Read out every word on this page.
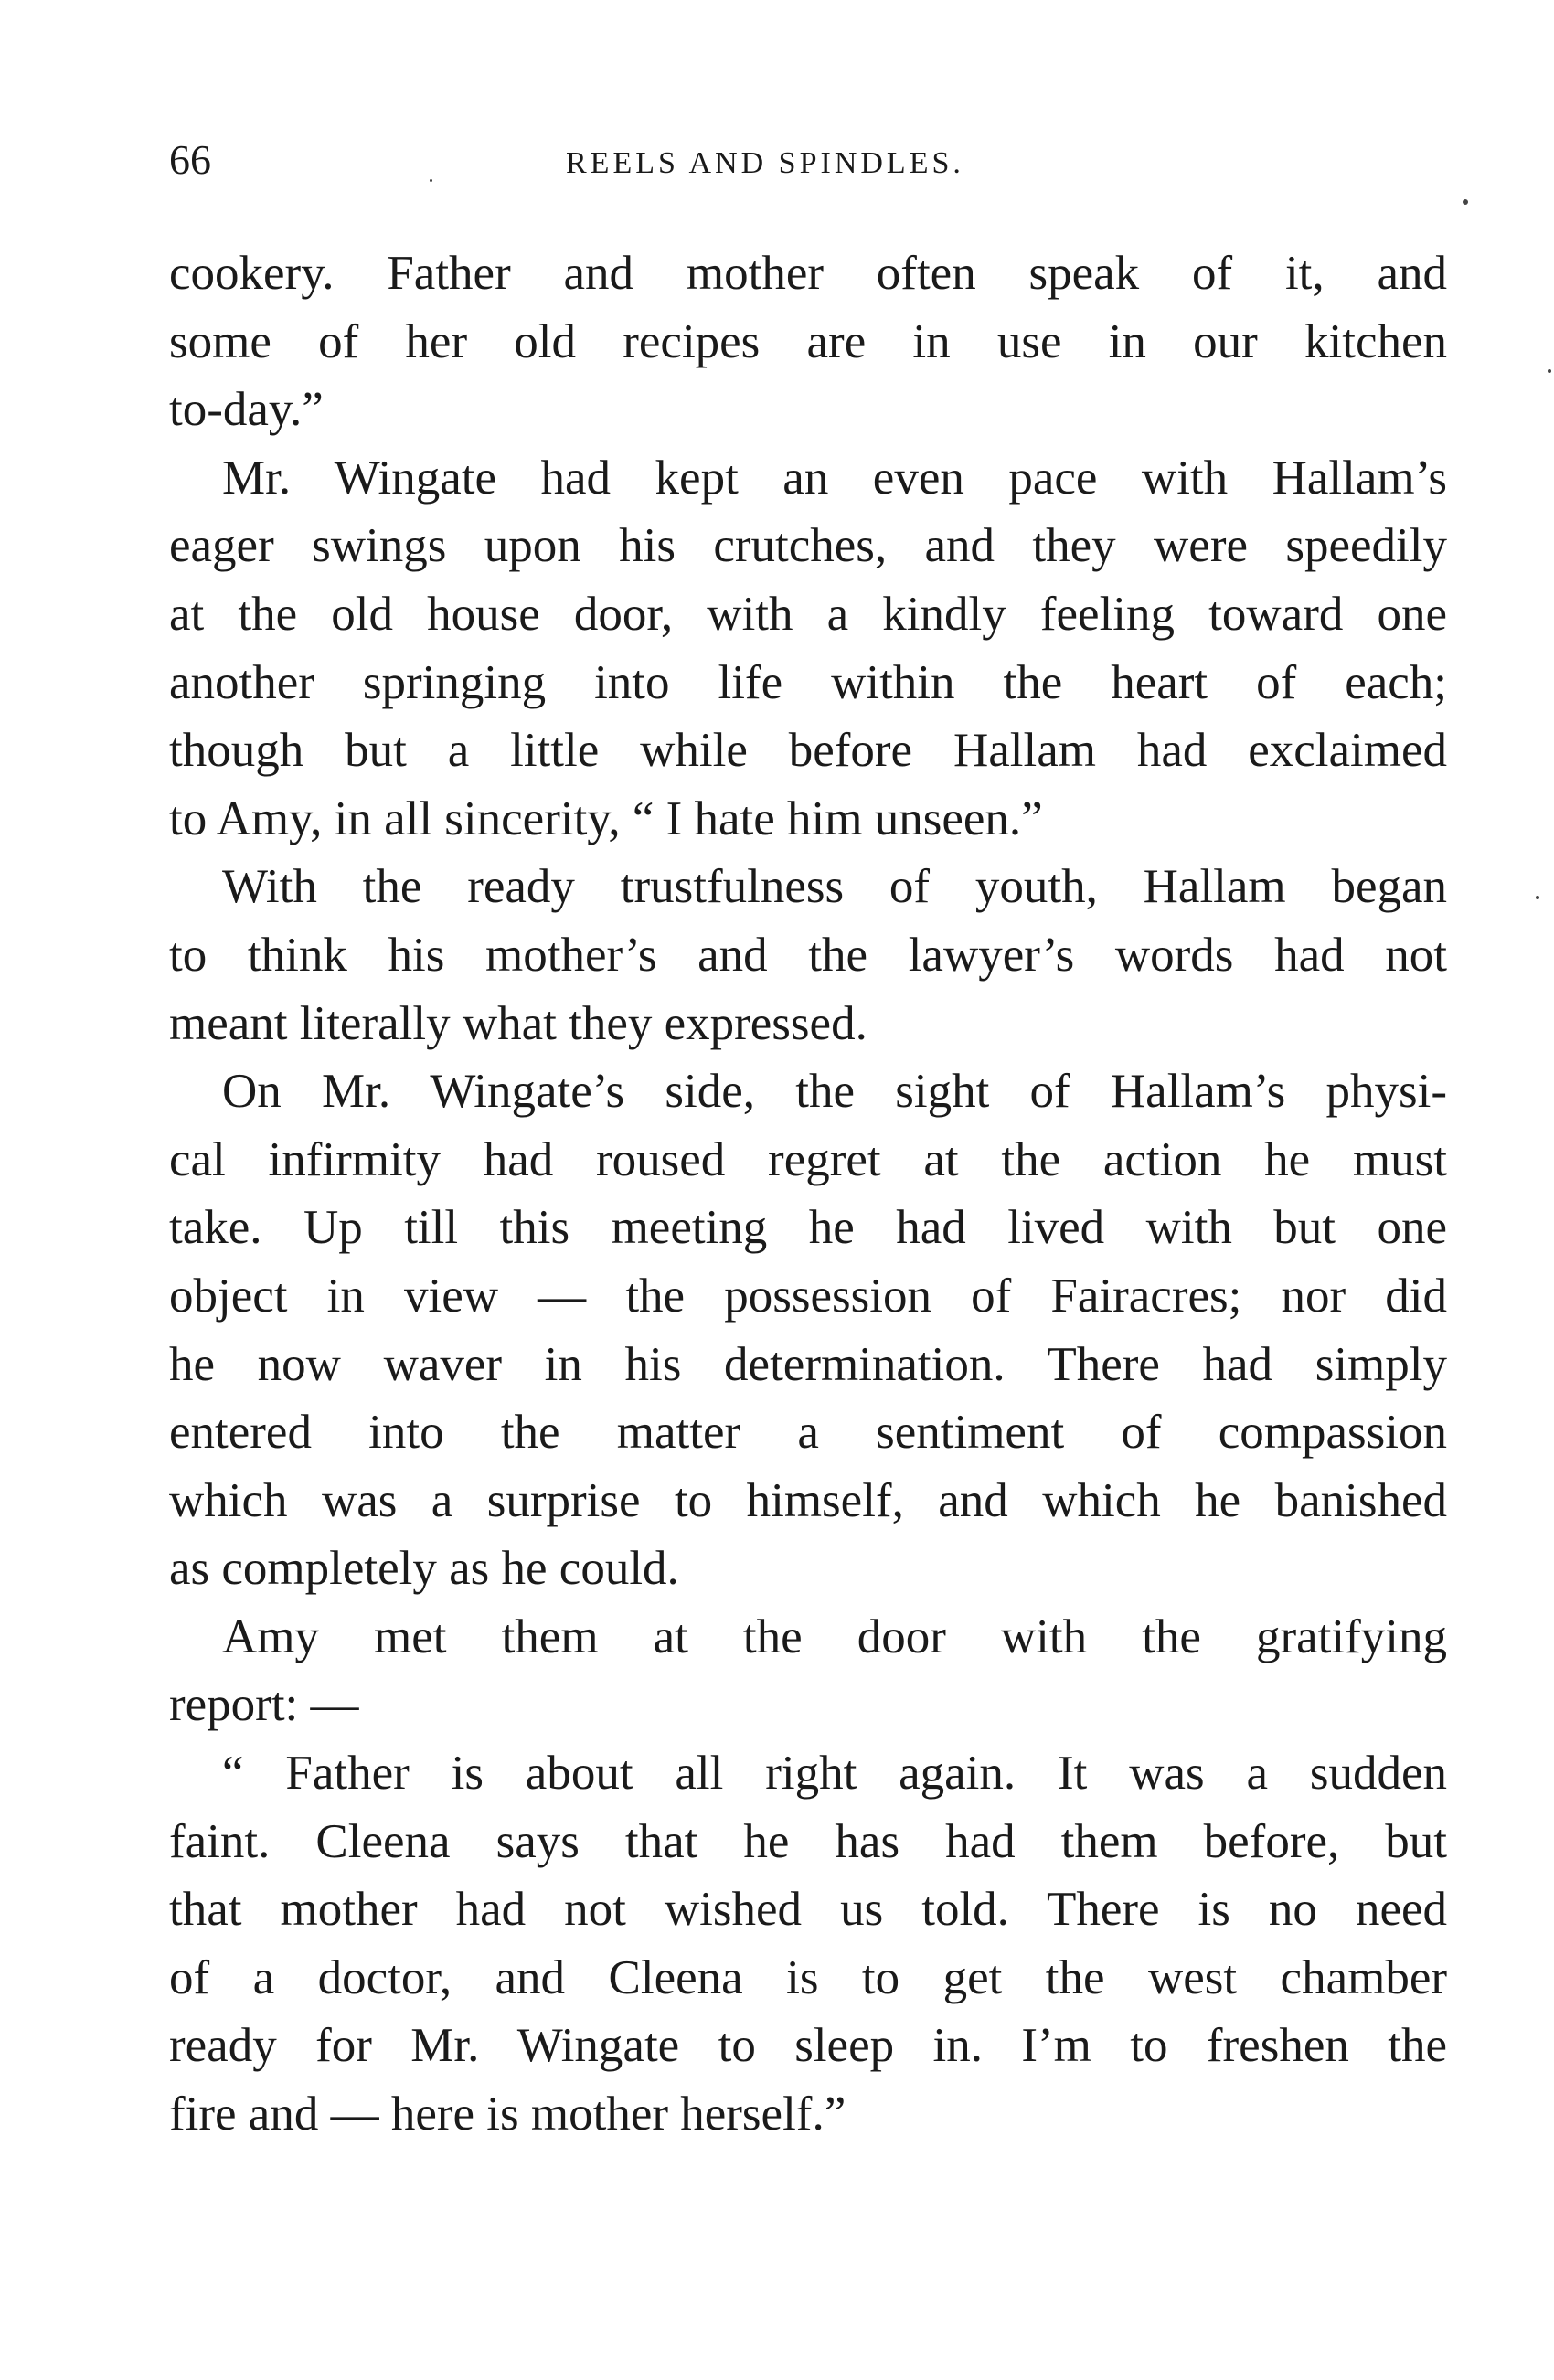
66	REELS AND SPINDLES.
cookery. Father and mother often speak of it, and
some of her old recipes are in use in our kitchen
to-day.”
Mr. Wingate had kept an even pace with Hallam’s
eager swings upon his crutches, and they were speedily
at the old house door, with a kindly feeling toward one
another springing into life within the heart of each;
though but a little while before Hallam had exclaimed
to Amy, in all sincerity, “ I hate him unseen.”
With the ready trustfulness of youth, Hallam began
to think his mother’s and the lawyer’s words had not
meant literally what they expressed.
On Mr. Wingate’s side, the sight of Hallam’s physi-
cal infirmity had roused regret at the action he must
take. Up till this meeting he had lived with but one
object in view — the possession of Fairacres; nor did
he now waver in his determination. There had simply
entered into the matter a sentiment of compassion
which was a surprise to himself, and which he banished
as completely as he could.
Amy met them at the door with the gratifying
report: —
“ Father is about all right again. It was a sudden
faint. Cleena says that he has had them before, but
that mother had not wished us told. There is no need
of a doctor, and Cleena is to get the west chamber
ready for Mr. Wingate to sleep in. I’m to freshen the
fire and — here is mother herself.”
